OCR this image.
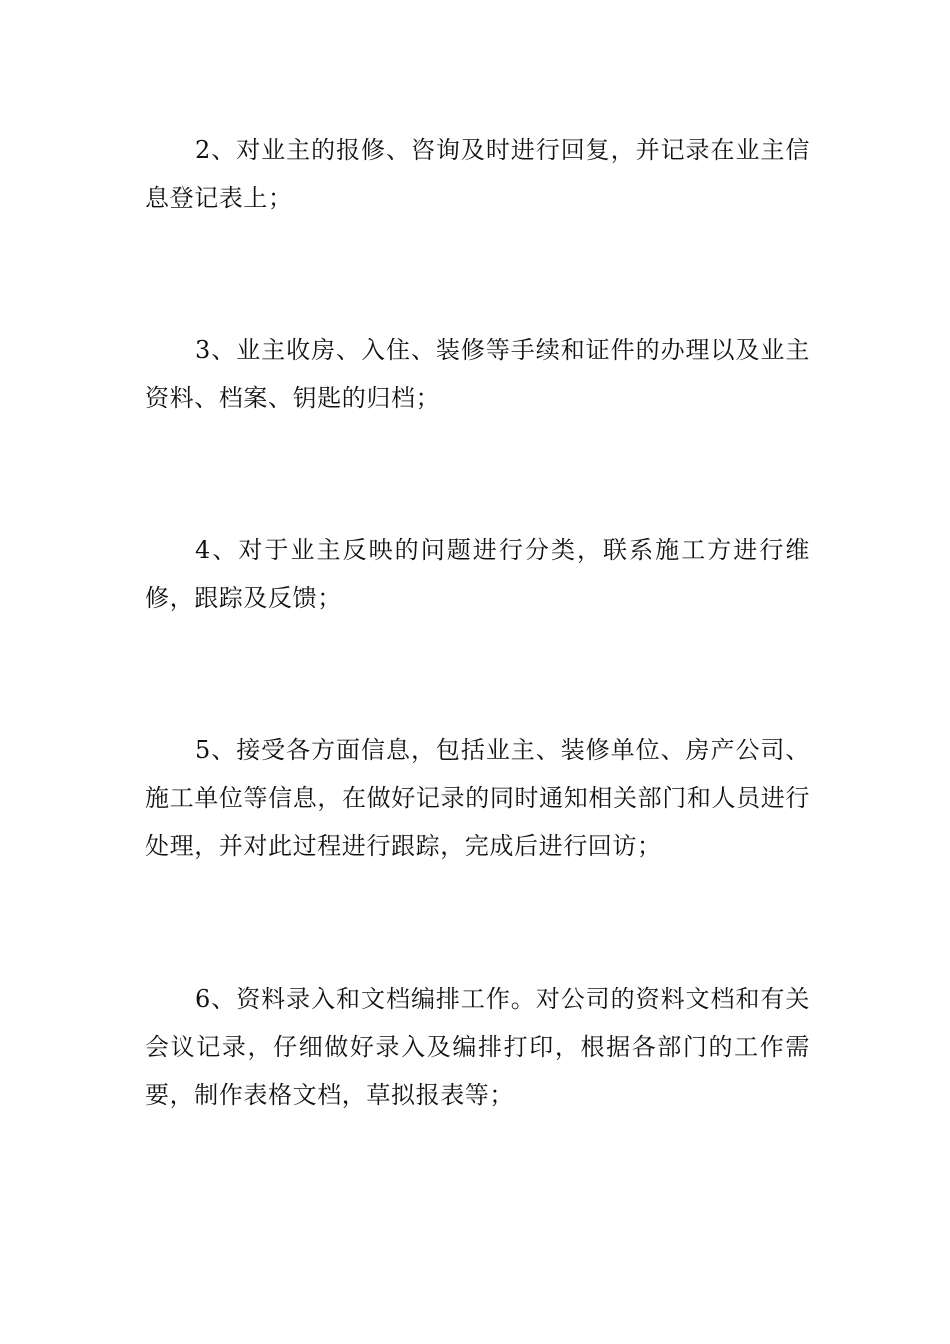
2、对业主的报修、咨询及时进行回复，并记录在业主信息登记表上；

3、业主收房、入住、装修等手续和证件的办理以及业主资料、档案、钥匙的归档；

4、对于业主反映的问题进行分类，联系施工方进行维修，跟踪及反馈；

5、接受各方面信息，包括业主、装修单位、房产公司、施工单位等信息，在做好记录的同时通知相关部门和人员进行处理，并对此过程进行跟踪，完成后进行回访；

6、资料录入和文档编排工作。对公司的资料文档和有关会议记录，仔细做好录入及编排打印，根据各部门的工作需要，制作表格文档，草拟报表等；
